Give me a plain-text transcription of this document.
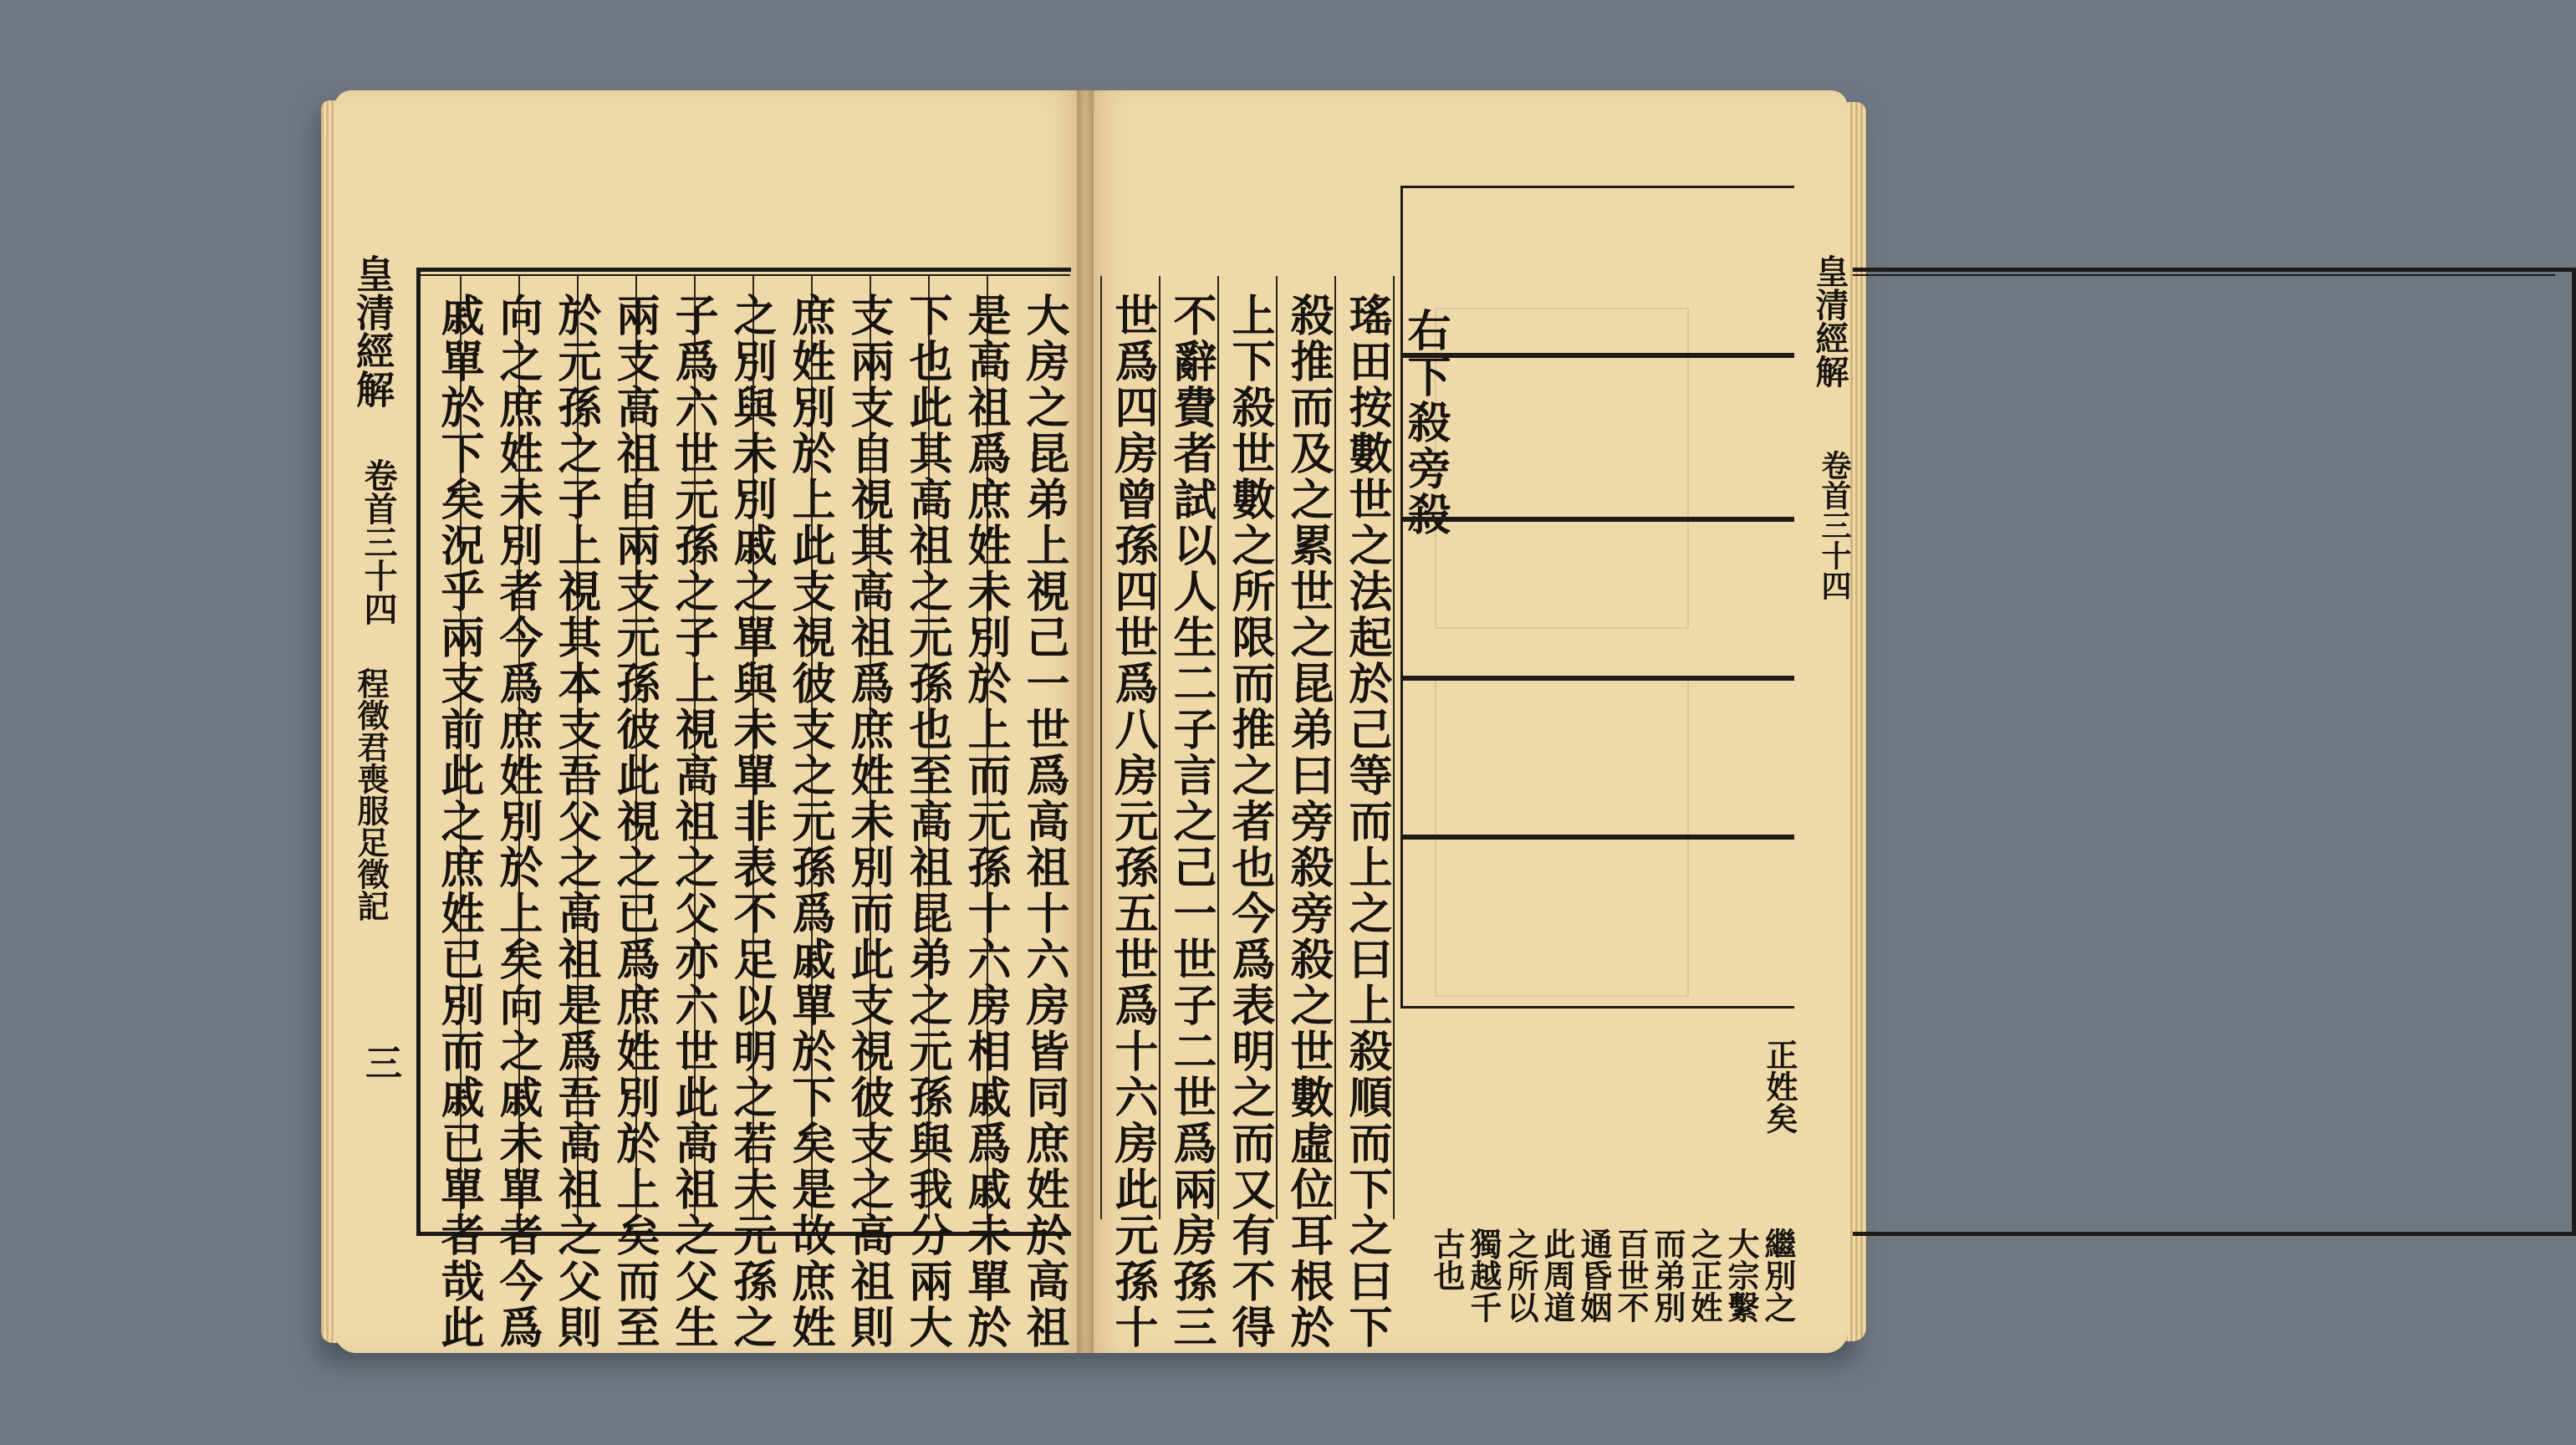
皇清經解
卷首三十四
程徵君喪服足徵記
三	大房之昆弟上視己一世爲高祖十六房皆同庶姓於高祖
是高祖爲庶姓未別於上而元孫十六房相戚爲戚未單於
下也此其高祖之元孫也至高祖昆弟之元孫與我分兩大
支兩支自視其高祖爲庶姓未別而此支視彼支之高祖則
庶姓別於上此支視彼支之元孫爲戚單於下矣是故庶姓
之別與未別戚之單與未單非表不足以明之若夫元孫之
子爲六世元孫之子上視高祖之父亦六世此高祖之父生
兩支高祖自兩支元孫彼此視之已爲庶姓別於上矣而至
於元孫之子上視其本支吾父之高祖是爲吾高祖之父則
向之庶姓未別者今爲庶姓別於上矣向之戚未單者今爲
戚單於下矣況乎兩支前此之庶姓已別而戚已單者哉此	世爲四房曾孫四世爲八房元孫五世爲十六房此元孫十 不辭費者試以人生二子言之己一世子二世爲兩房孫三 上下殺世數之所限而推之者也今爲表明之而又有不得 殺推而及之累世之昆弟曰旁殺旁殺之世數虛位耳根於 瑤田按數世之法起於己等而上之曰上殺順而下之曰下 右下殺旁殺
正姓矣
繼別之
大宗繫
之正姓
而弟別
百世不
通昏姻
此周道
之所以
獨越千
古也
皇清經解
卷首三十四
